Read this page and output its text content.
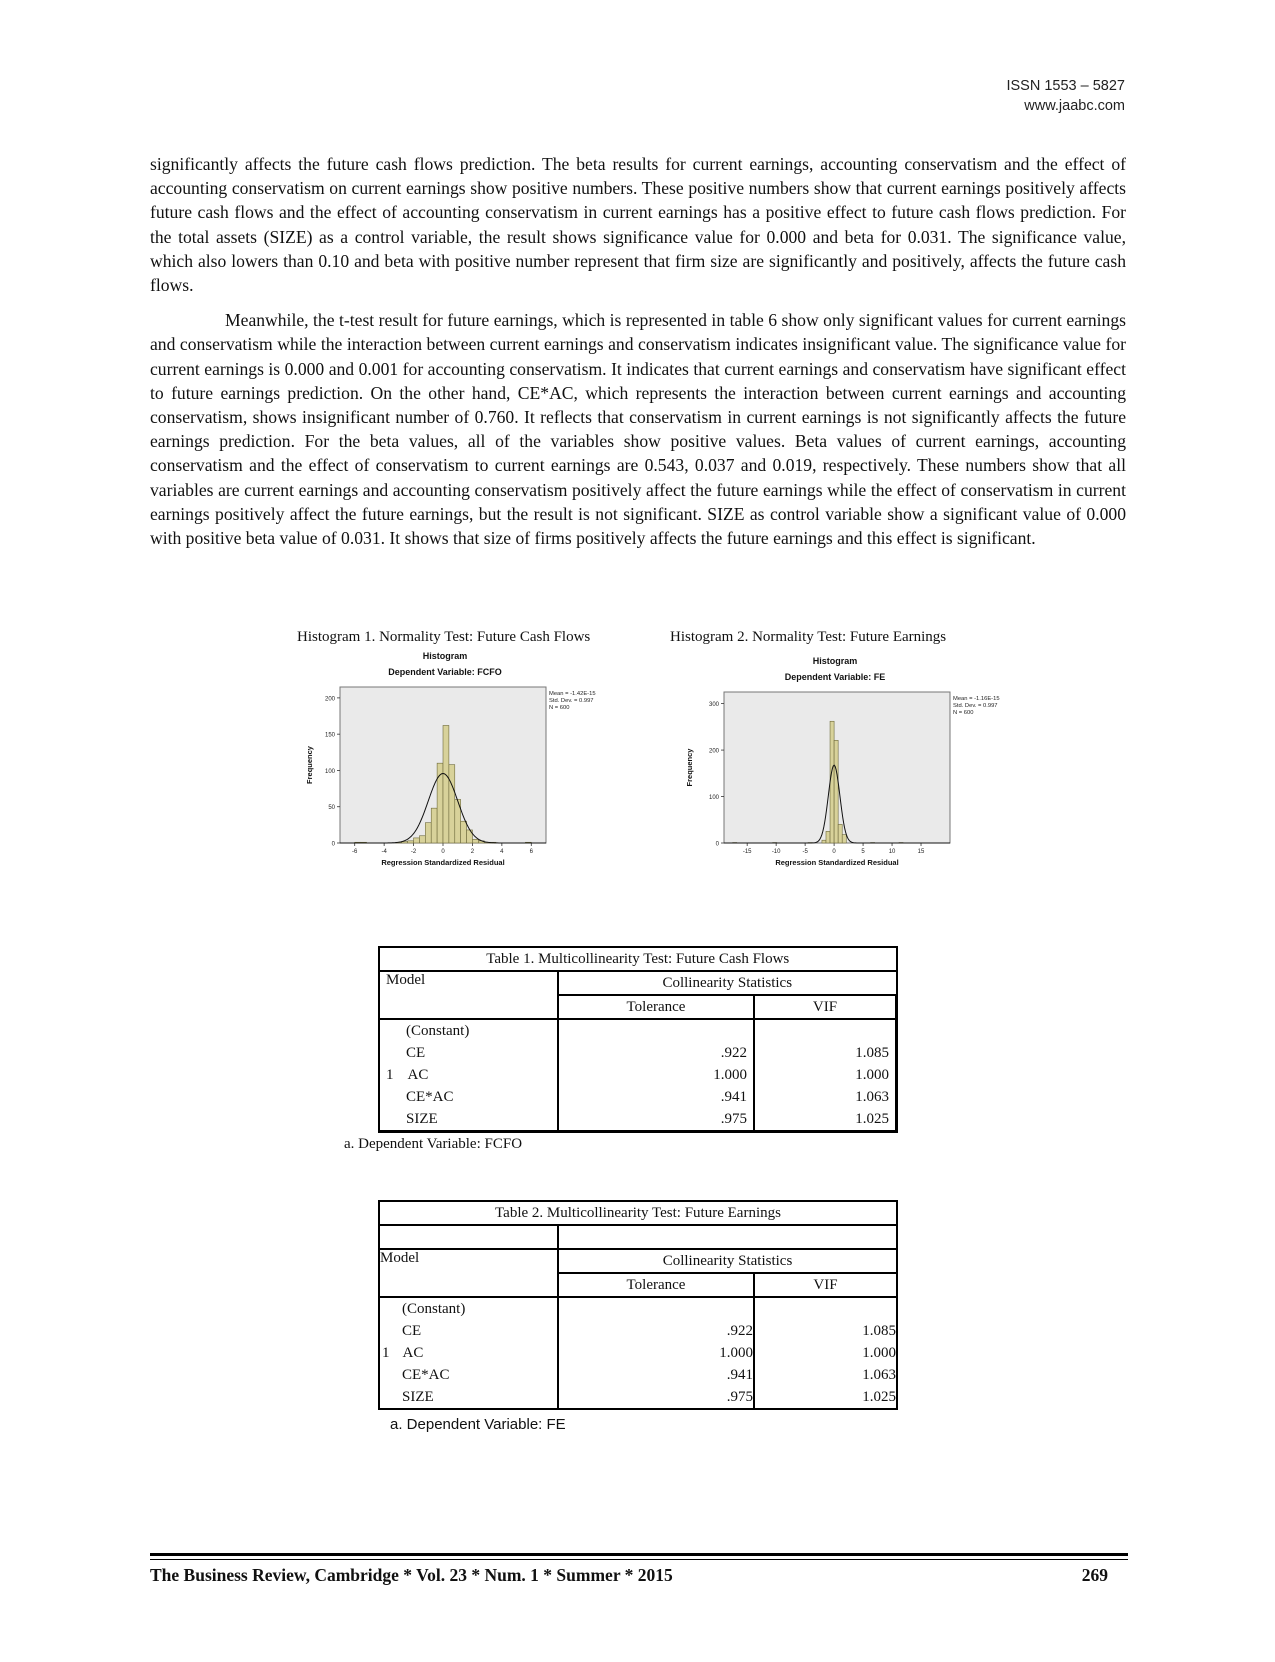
ISSN 1553 – 5827
www.jaabc.com

significantly affects the future cash flows prediction. The beta results for current earnings, accounting conservatism and the effect of accounting conservatism on current earnings show positive numbers. These positive numbers show that current earnings positively affects future cash flows and the effect of accounting conservatism in current earnings has a positive effect to future cash flows prediction. For the total assets (SIZE) as a control variable, the result shows significance value for 0.000 and beta for 0.031. The significance value, which also lowers than 0.10 and beta with positive number represent that firm size are significantly and positively, affects the future cash flows.

Meanwhile, the t-test result for future earnings, which is represented in table 6 show only significant values for current earnings and conservatism while the interaction between current earnings and conservatism indicates insignificant value. The significance value for current earnings is 0.000 and 0.001 for accounting conservatism. It indicates that current earnings and conservatism have significant effect to future earnings prediction. On the other hand, CE*AC, which represents the interaction between current earnings and accounting conservatism, shows insignificant number of 0.760. It reflects that conservatism in current earnings is not significantly affects the future earnings prediction. For the beta values, all of the variables show positive values. Beta values of current earnings, accounting conservatism and the effect of conservatism to current earnings are 0.543, 0.037 and 0.019, respectively. These numbers show that all variables are current earnings and accounting conservatism positively affect the future earnings while the effect of conservatism in current earnings positively affect the future earnings, but the result is not significant. SIZE as control variable show a significant value of 0.000 with positive beta value of 0.031. It shows that size of firms positively affects the future earnings and this effect is significant.

Histogram 1. Normality Test: Future Cash Flows
Histogram
Dependent Variable: FCFO
0
50
100
150
200
-6	-4	-2	0	2	4	6
Regression Standardized Residual
Frequency
Mean = -1.42E-15
Std. Dev. = 0.997
N = 600
Histogram 2. Normality Test: Future Earnings
Histogram
Dependent Variable: FE
0
100
200
300
-15	-10	-5	0	5	10	15
Regression Standardized Residual
Frequency
Mean = -1.16E-15
Std. Dev. = 0.997
N = 600
Table 1. Multicollinearity Test: Future Cash Flows		
Model	Collinearity Statistics	
	Tolerance	VIF
(Constant)		
CE	.922	1.085
1 AC	1.000	1.000
CE*AC	.941	1.063
SIZE	.975	1.025
a. Dependent Variable: FCFO
Table 2. Multicollinearity Test: Future Earnings		

Model	Collinearity Statistics	
	Tolerance	VIF
(Constant)		
CE	.922	1.085
1 AC	1.000	1.000
CE*AC	.941	1.063
SIZE	.975	1.025
a. Dependent Variable: FE
The Business Review, Cambridge * Vol. 23 * Num. 1 * Summer * 2015	269
